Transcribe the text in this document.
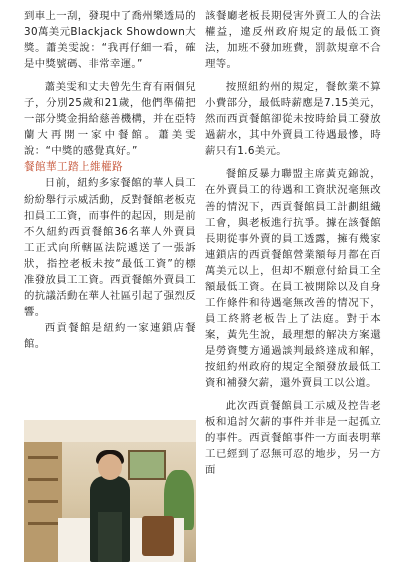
到車上一刮，發現中了喬州樂透局的30萬美元Blackjack Showdown大獎。蕭美雯說：“我再仔細一看，確是中獎號碼、非常幸運。”

蕭美雯和丈夫曾先生育有兩個兒子，分別25歲和21歲，他們準備把一部分獎金捐給慈善機構，并在亞特蘭大再開一家中餐館。蕭美雯說：“中獎的感覺真好。”

餐館華工踏上維權路

日前，紐約多家餐館的華人員工紛紛舉行示威活動，反對餐館老板克扣員工工資，而事件的起因，則是前不久紐約西貢餐館36名華人外賣員工正式向所轄區法院遞送了一張訴狀，指控老板未按“最低工資”的標准發放員工工資。西貢餐館外賣員工的抗議活動在華人社區引起了强烈反響。

西貢餐館是紐約一家連鎖店餐館。

該餐廳老板長期侵害外賣工人的合法權益，違反州政府規定的最低工資法，加班不發加班費，罰款規章不合理等。

按照紐約州的規定，餐飲業不算小費部分，最低時薪應是7.15美元，然而西貢餐館卻從未按時給員工發放過薪水，其中外賣員工待遇最慘，時薪只有1.6美元。

餐館反暴力聯盟主席黃克錦說，在外賣員工的待遇和工資狀況毫無改善的情況下，西貢餐館員工計劃組織工會，與老板進行抗爭。據在該餐館長期從事外賣的員工透露，擁有幾家連鎖店的西貢餐館營業額每月都在百萬美元以上，但却不願意付給員工全額最低工資。在員工被開除以及自身工作條件和待遇毫無改善的情况下，員工終將老板告上了法庭。對于本案，黃先生說，最理想的解决方案還是勞資雙方通過談判最終達成和解，按紐約州政府的規定全額發放最低工資和補發欠薪，還外賣員工以公道。

此次西貢餐館員工示威及控告老板和追討欠薪的事件并非是一起孤立的事件。西貢餐館事件一方面表明華工已經到了忍無可忍的地步，另一方面
